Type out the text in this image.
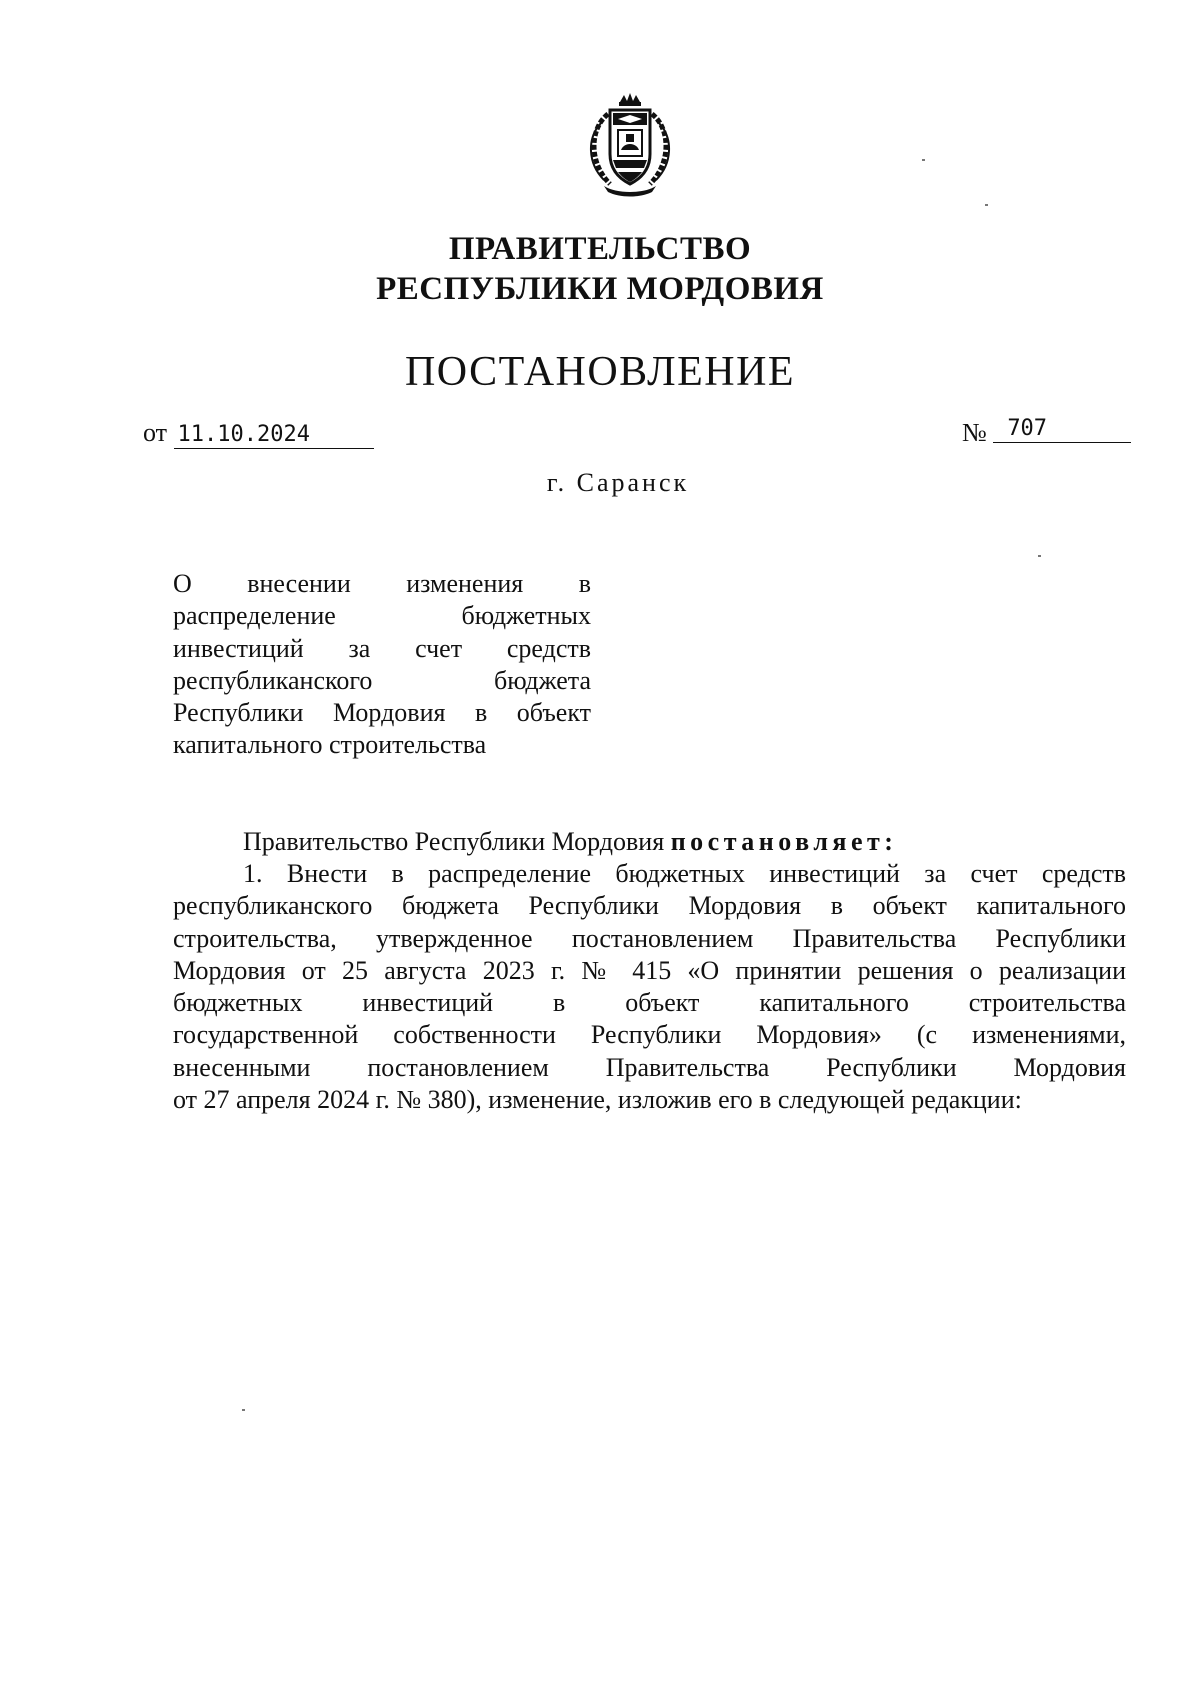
ПРАВИТЕЛЬСТВО
РЕСПУБЛИКИ МОРДОВИЯ
ПОСТАНОВЛЕНИЕ
от 11.10.2024	№ 707
г. Саранск
О внесении изменения в
распределение бюджетных
инвестиций за счет средств
республиканского бюджета
Республики Мордовия в объект
капитального строительства
Правительство Республики Мордовия постановляет:
1. Внести в распределение бюджетных инвестиций за счет средств
республиканского бюджета Республики Мордовия в объект капитального
строительства, утвержденное постановлением Правительства Республики
Мордовия от 25 августа 2023 г. № 415 «О принятии решения о реализации
бюджетных инвестиций в объект капитального строительства
государственной собственности Республики Мордовия» (с изменениями,
внесенными постановлением Правительства Республики Мордовия
от 27 апреля 2024 г. № 380), изменение, изложив его в следующей редакции:
